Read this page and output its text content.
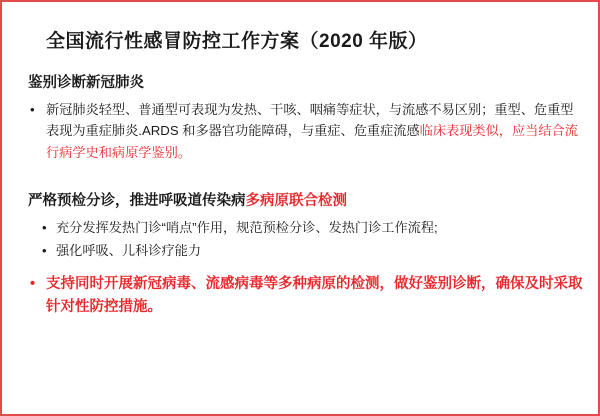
全国流行性感冒防控工作方案（2020 年版）
鉴别诊断新冠肺炎
•
新冠肺炎轻型、普通型可表现为发热、干咳、咽痛等症状，与流感不易区别；重型、危重型表现为重症肺炎.ARDS 和多器官功能障碍，与重症、危重症流感临床表现类似，应当结合流行病学史和病原学鉴别。
严格预检分诊，推进呼吸道传染病多病原联合检测
•
充分发挥发热门诊“哨点”作用，规范预检分诊、发热门诊工作流程;
•
强化呼吸、儿科诊疗能力
•
支持同时开展新冠病毒、流感病毒等多种病原的检测，做好鉴别诊断，确保及时采取针对性防控措施。
